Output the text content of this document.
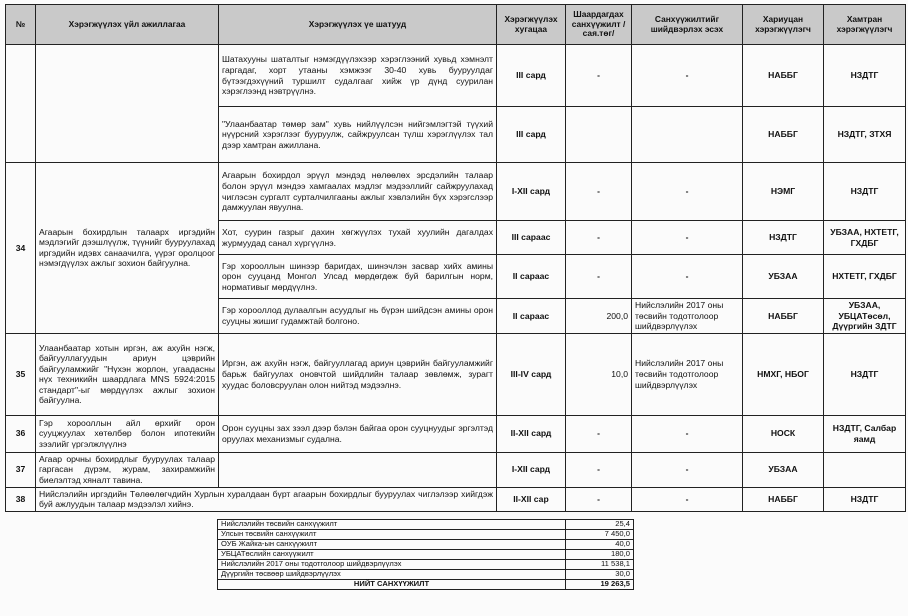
№	Хэрэгжүүлэх үйл ажиллагаа	Хэрэгжүүлэх үе шатууд	Хэрэгжүүлэх хугацаа	Шаардагдах санхүүжилт /сая.төг/	Санхүүжилтийг шийдвэрлэх эсэх	Хариуцан хэрэгжүүлэгч	Хамтран хэрэгжүүлэгч
		Шатахууны шаталтыг нэмэгдүүлэхээр хэрэглээний хувьд хэмнэлт гаргадаг, хорт утааны хэмжээг 30-40 хувь бууруулдаг бүтээгдэхүүний туршилт судалгааг хийж үр дүнд суурилан хэрэглээнд нэвтрүүлнэ.	III сард	-	-	НАББГ	НЗДТГ
		"Улаанбаатар төмөр зам" хувь нийлүүлсэн нийгэмлэгтэй түүхий нүүрсний хэрэглээг бууруулж, сайжруулсан түлш хэрэглүүлэх тал дээр хамтран ажиллана.	III сард			НАББГ	НЗДТГ, ЗТХЯ
34	Агаарын бохирдлын талаарх иргэдийн мэдлэгийг дээшлүүлж, түүнийг бууруулахад иргэдийн идэвх санаачилга, үүрэг оролцоог нэмэгдүүлэх ажлыг зохион байгуулна.	Агаарын бохирдол эрүүл мэндэд нөлөөлөх эрсдэлийн талаар болон эрүүл мэндээ хамгаалах мэдлэг мэдээллийг сайжруулахад чиглэсэн сургалт сурталчилгааны ажлыг хэвлэлийн бүх хэрэгслээр дамжуулан явуулна.	I-XII сард	-	-	НЭМГ	НЗДТГ
		Хот, суурин газрыг дахин хөгжүүлэх тухай хуулийн дагалдах журмуудад санал хүргүүлнэ.	III сараас	-	-	НЗДТГ	УБЗАА, НХТЕТГ, ГХДБГ
		Гэр хорооллын шинээр баригдах, шинэчлэн засвар хийх амины орон сууцанд Монгол Улсад мөрдөгдөж буй барилгын норм, нормативыг мөрдүүлнэ.	II сараас	-	-	УБЗАА	НХТЕТГ, ГХДБГ
		Гэр хорооллод дулаалгын асуудлыг нь бүрэн шийдсэн амины орон сууцны жишиг гудамжтай болгоно.	II сараас	200,0	Нийслэлийн 2017 оны төсвийн тодотголоор шийдвэрлүүлэх	НАББГ	УБЗАА, УБЦАТөсөл, Дүүргийн ЗДТГ
35	Улаанбаатар хотын иргэн, аж ахуйн нэгж, байгууллагуудын ариун цэврийн байгууламжийг "Нүхэн жорлон, угаадасны нүх техникийн шаардлага MNS 5924:2015 стандарт"-ыг мөрдүүлэх ажлыг зохион байгуулна.	Иргэн, аж ахуйн нэгж, байгууллагад ариун цэврийн байгууламжийг барьж байгуулах оновчтой шийдлийн талаар зөвлөмж, зурагт хуудас боловсруулан олон нийтэд мэдээлнэ.	III-IV сард	10,0	Нийслэлийн 2017 оны төсвийн тодотголоор шийдвэрлүүлэх	НМХГ, НБОГ	НЗДТГ
36	Гэр хорооллын айл өрхийг орон сууцжуулах хөтөлбөр болон ипотекийн зээлийг үргэлжлүүлнэ	Орон сууцны зах зээл дээр бэлэн байгаа орон сууцнуудыг эргэлтэд оруулах механизмыг судална.	II-XII сард	-	-	НОСК	НЗДТГ, Салбар яамд
37	Агаар орчны бохирдлыг бууруулах талаар гаргасан дүрэм, журам, захирамжийн биелэлтэд хяналт тавина.		I-XII сард	-	-	УБЗАА	
38	Нийслэлийн иргэдийн Төлөөлөгчдийн Хурлын хуралдаан бүрт агаарын бохирдлыг бууруулах чиглэлээр хийгдэж буй ажлуудын талаар мэдээлэл хийнэ.		II-XII сар	-	-	НАББГ	НЗДТГ
Нийслэлийн төсвийн санхүүжилт	25,4
Улсын төсвийн санхүүжилт	7 450,0
ОУБ Жайка-ын санхүүжилт	40,0
УБЦАТөслийн санхүүжилт	180,0
Нийслэлийн 2017 оны тодотголоор шийдвэрлүүлэх	11 538,1
Дүүргийн төсвөөр шийдвэрлүүлэх	30,0
НИЙТ САНХҮҮЖИЛТ	19 263,5
